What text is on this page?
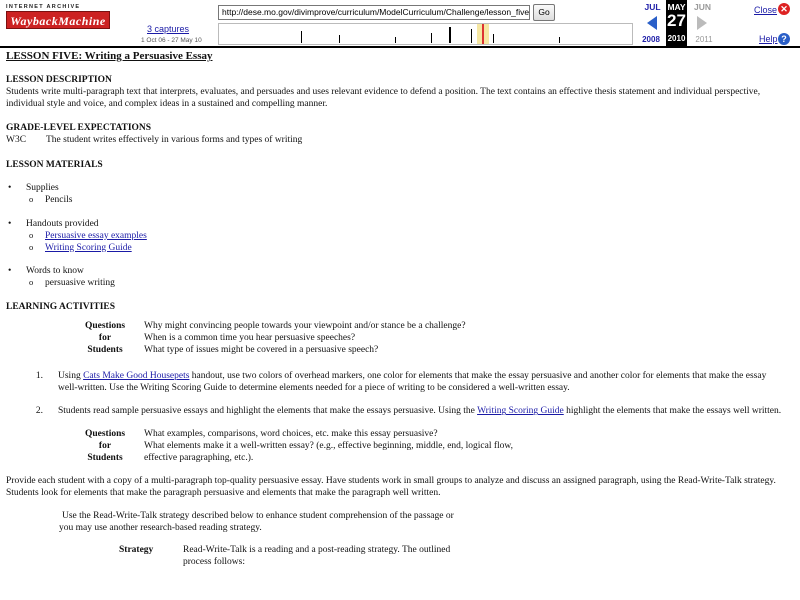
INTERNET ARCHIVE
WaybackMachine
3 captures
1 Oct 06 - 27 May 10
http://dese.mo.gov/divimprove/curriculum/ModelCurriculum/Challenge/lesson_five	Go	JUL
2008
MAY
27
2010
JUN
2011
Close ✕
Help ?

LESSON FIVE: Writing a Persuasive Essay

LESSON DESCRIPTION

Students write multi-paragraph text that interprets, evaluates, and persuades and uses relevant evidence to defend a position. The text contains an effective thesis statement and individual perspective, individual style and voice, and complex ideas in a sustained and compelling manner.

GRADE-LEVEL EXPECTATIONS

W3C	The student writes effectively in various forms and types of writing

LESSON MATERIALS

• Supplies
o Pencils
• Handouts provided
o Persuasive essay examples
o Writing Scoring Guide
• Words to know
o persuasive writing

LEARNING ACTIVITIES

Questions	Why might convincing people towards your viewpoint and/or stance be a challenge?
for	When is a common time you hear persuasive speeches?
Students	What type of issues might be covered in a persuasive speech?
1.	Using Cats Make Good Housepets handout, use two colors of overhead markers, one color for elements that make the essay persuasive and another color for elements that make the essay well-written. Use the Writing Scoring Guide to determine elements needed for a piece of writing to be considered a well-written essay.
2.	Students read sample persuasive essays and highlight the elements that make the essays persuasive. Using the Writing Scoring Guide highlight the elements that make the essays well written.
Questions	What examples, comparisons, word choices, etc. make this essay persuasive?
for	What elements make it a well-written essay? (e.g., effective beginning, middle, end, logical flow,
Students	effective paragraphing, etc.).

Provide each student with a copy of a multi-paragraph top-quality persuasive essay. Have students work in small groups to analyze and discuss an assigned paragraph, using the Read-Write-Talk strategy. Students look for elements that make the paragraph persuasive and elements that make the paragraph well written.

Use the Read-Write-Talk strategy described below to enhance student comprehension of the passage or

you may use another research-based reading strategy.

Strategy	Read-Write-Talk is a reading and a post-reading strategy. The outlined

process follows:
